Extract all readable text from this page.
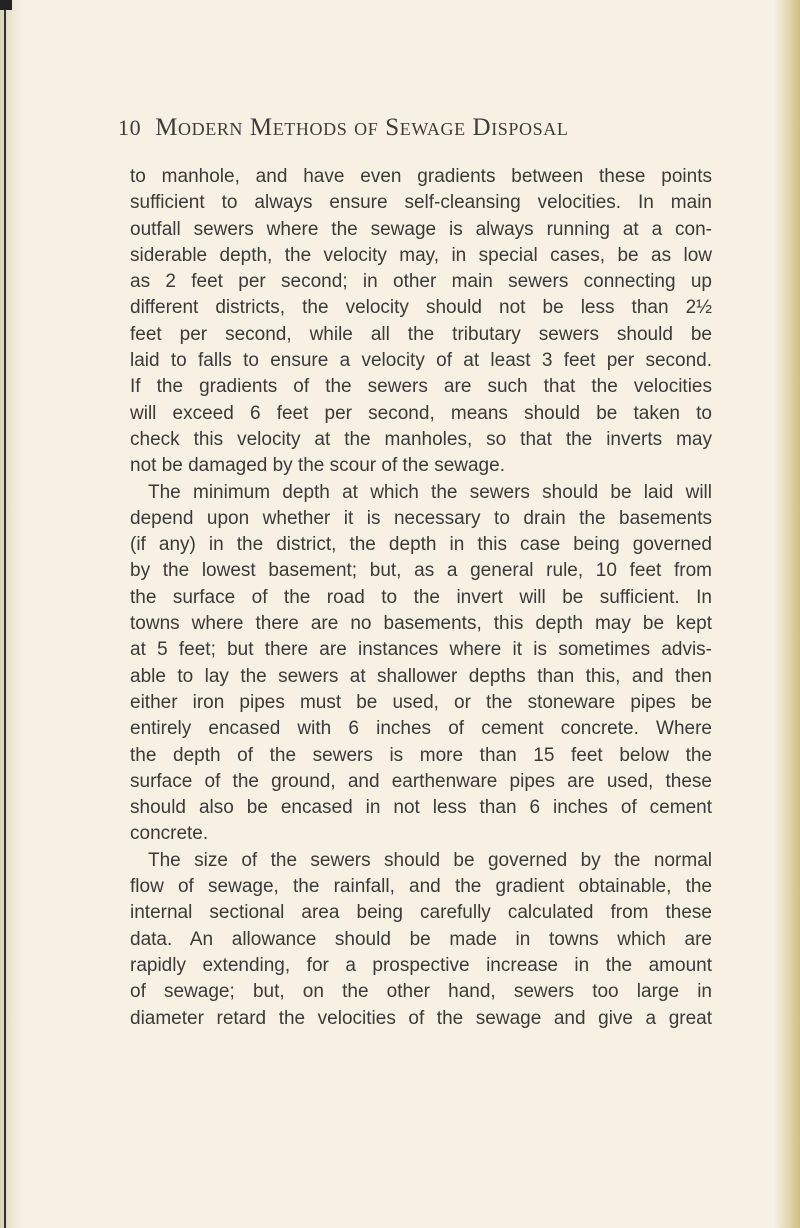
10 Modern Methods of Sewage Disposal
to manhole, and have even gradients between these points
sufficient to always ensure self-cleansing velocities. In main
outfall sewers where the sewage is always running at a con-
siderable depth, the velocity may, in special cases, be as low
as 2 feet per second; in other main sewers connecting up
different districts, the velocity should not be less than 2½
feet per second, while all the tributary sewers should be
laid to falls to ensure a velocity of at least 3 feet per second.
If the gradients of the sewers are such that the velocities
will exceed 6 feet per second, means should be taken to
check this velocity at the manholes, so that the inverts may
not be damaged by the scour of the sewage.
The minimum depth at which the sewers should be laid will
depend upon whether it is necessary to drain the basements
(if any) in the district, the depth in this case being governed
by the lowest basement; but, as a general rule, 10 feet from
the surface of the road to the invert will be sufficient. In
towns where there are no basements, this depth may be kept
at 5 feet; but there are instances where it is sometimes advis-
able to lay the sewers at shallower depths than this, and then
either iron pipes must be used, or the stoneware pipes be
entirely encased with 6 inches of cement concrete. Where
the depth of the sewers is more than 15 feet below the
surface of the ground, and earthenware pipes are used, these
should also be encased in not less than 6 inches of cement
concrete.
The size of the sewers should be governed by the normal
flow of sewage, the rainfall, and the gradient obtainable, the
internal sectional area being carefully calculated from these
data. An allowance should be made in towns which are
rapidly extending, for a prospective increase in the amount
of sewage; but, on the other hand, sewers too large in
diameter retard the velocities of the sewage and give a great
